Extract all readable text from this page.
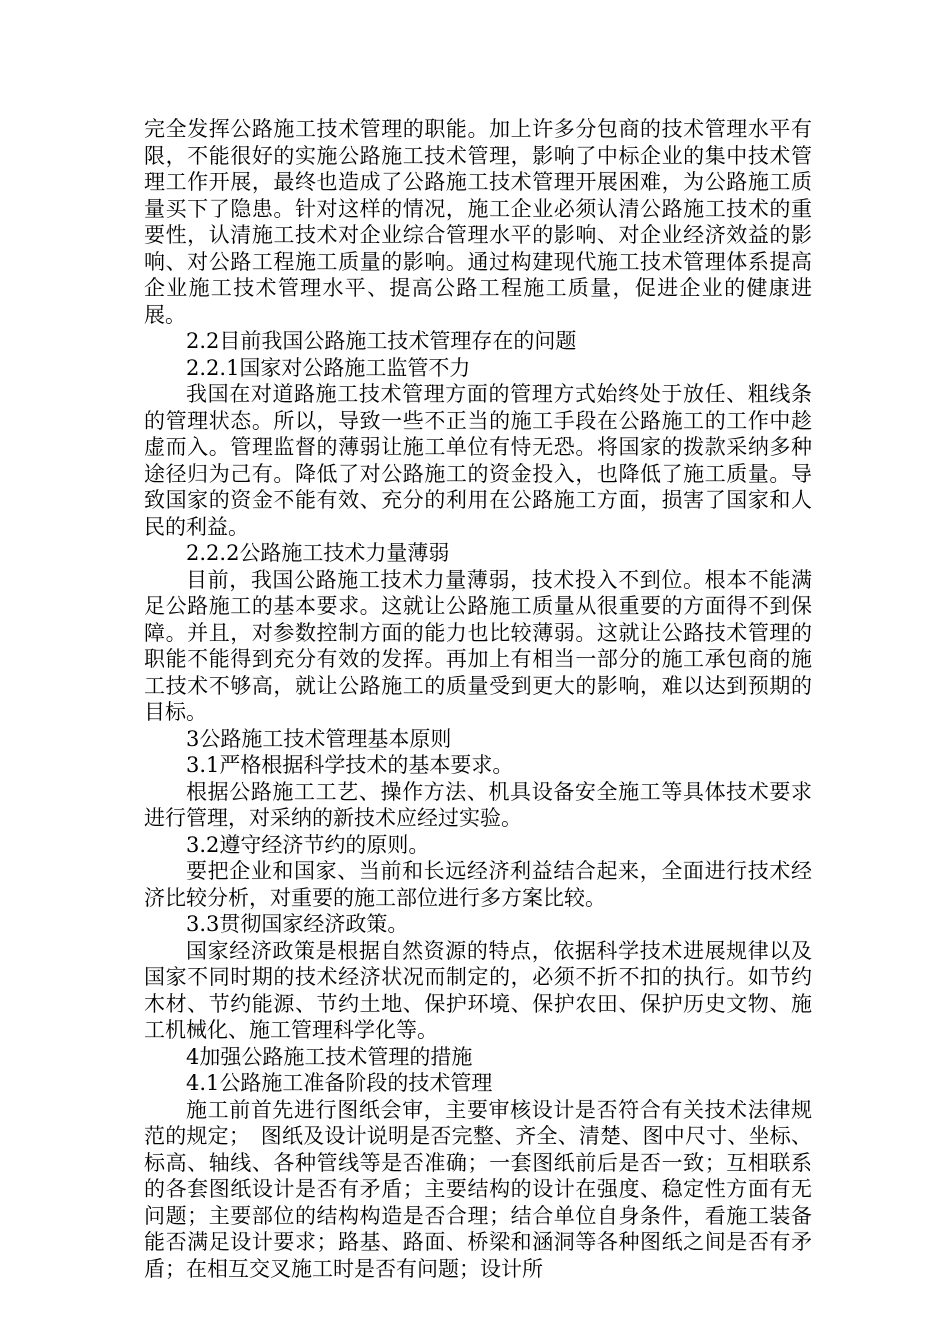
完全发挥公路施工技术管理的职能。加上许多分包商的技术管理水平有限，不能很好的实施公路施工技术管理，影响了中标企业的集中技术管理工作开展，最终也造成了公路施工技术管理开展困难，为公路施工质量买下了隐患。针对这样的情况，施工企业必须认清公路施工技术的重要性，认清施工技术对企业综合管理水平的影响、对企业经济效益的影响、对公路工程施工质量的影响。通过构建现代施工技术管理体系提高企业施工技术管理水平、提高公路工程施工质量，促进企业的健康进展。

2.2目前我国公路施工技术管理存在的问题

2.2.1国家对公路施工监管不力

我国在对道路施工技术管理方面的管理方式始终处于放任、粗线条的管理状态。所以，导致一些不正当的施工手段在公路施工的工作中趁虚而入。管理监督的薄弱让施工单位有恃无恐。将国家的拨款采纳多种途径归为己有。降低了对公路施工的资金投入，也降低了施工质量。导致国家的资金不能有效、充分的利用在公路施工方面，损害了国家和人民的利益。

2.2.2公路施工技术力量薄弱

目前，我国公路施工技术力量薄弱，技术投入不到位。根本不能满足公路施工的基本要求。这就让公路施工质量从很重要的方面得不到保障。并且，对参数控制方面的能力也比较薄弱。这就让公路技术管理的职能不能得到充分有效的发挥。再加上有相当一部分的施工承包商的施工技术不够高，就让公路施工的质量受到更大的影响，难以达到预期的目标。

3公路施工技术管理基本原则

3.1严格根据科学技术的基本要求。

根据公路施工工艺、操作方法、机具设备安全施工等具体技术要求进行管理，对采纳的新技术应经过实验。

3.2遵守经济节约的原则。

要把企业和国家、当前和长远经济利益结合起来，全面进行技术经济比较分析，对重要的施工部位进行多方案比较。

3.3贯彻国家经济政策。

国家经济政策是根据自然资源的特点，依据科学技术进展规律以及国家不同时期的技术经济状况而制定的，必须不折不扣的执行。如节约木材、节约能源、节约土地、保护环境、保护农田、保护历史文物、施工机械化、施工管理科学化等。

4加强公路施工技术管理的措施

4.1公路施工准备阶段的技术管理

施工前首先进行图纸会审，主要审核设计是否符合有关技术法律规范的规定；　图纸及设计说明是否完整、齐全、清楚、图中尺寸、坐标、标高、轴线、各种管线等是否准确；一套图纸前后是否一致；互相联系的各套图纸设计是否有矛盾；主要结构的设计在强度、稳定性方面有无问题；主要部位的结构构造是否合理；结合单位自身条件，看施工装备能否满足设计要求；路基、路面、桥梁和涵洞等各种图纸之间是否有矛盾；在相互交叉施工时是否有问题；设计所
